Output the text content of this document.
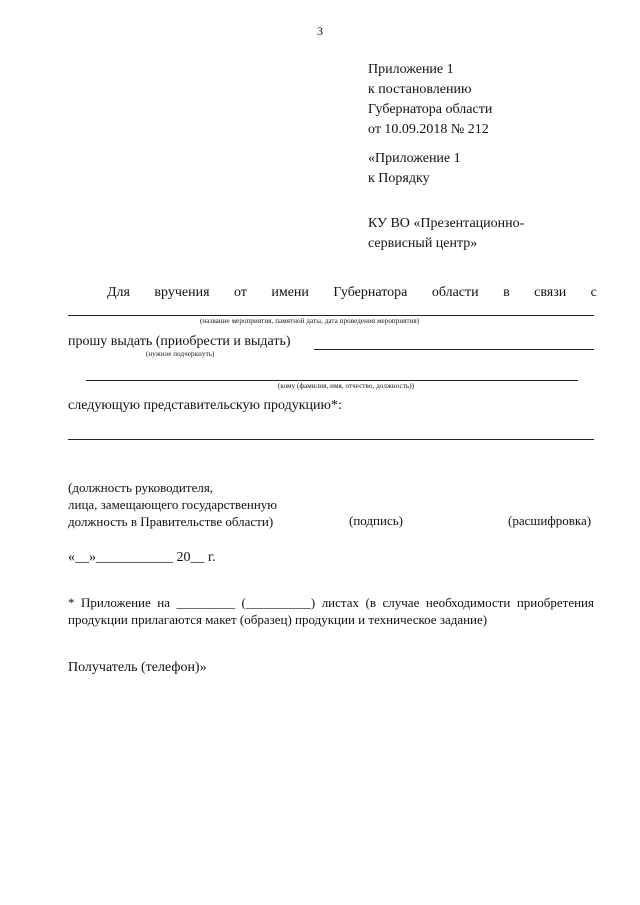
3
Приложение 1
к постановлению
Губернатора области
от 10.09.2018 № 212
«Приложение 1
к Порядку
КУ ВО «Презентационно-
сервисный центр»
Для вручения от имени Губернатора области в связи с
(название мероприятия, памятной даты, дата проведения мероприятия)
прошу выдать (приобрести и выдать)
(нужное подчеркнуть)
(кому (фамилия, имя, отчество, должность))
следующую представительскую продукцию*:
(должность руководителя,
лица, замещающего государственную
должность в Правительстве области)	(подпись)	(расшифровка)
«__»___________ 20__ г.
* Приложение на _________ (__________) листах (в случае необходимости приобретения продукции прилагаются макет (образец) продукции и техническое задание)
Получатель (телефон)»
